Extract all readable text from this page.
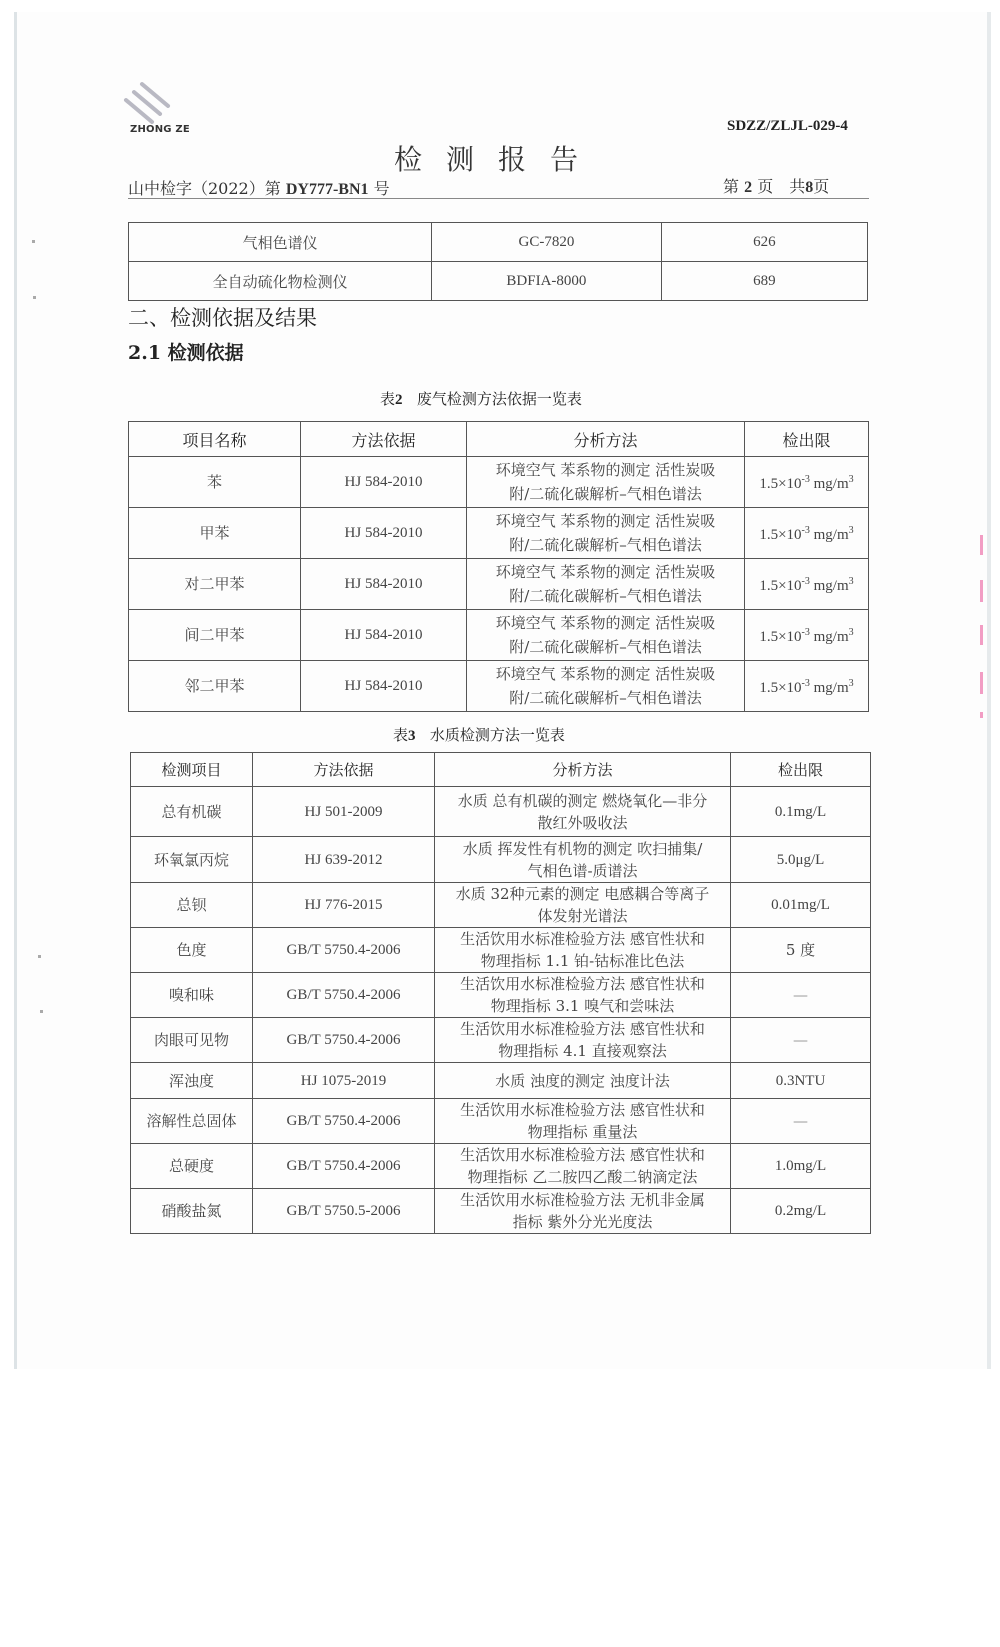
ZHONG ZE	SDZZ/ZLJL-029-4
检测报告
山中检字（2022）第 DY777-BN1 号	第 2 页　共8页
气相色谱仪	GC-7820	626
全自动硫化物检测仪	BDFIA-8000	689
二、检测依据及结果
2.1 检测依据
表2 废气检测方法依据一览表
项目名称	方法依据	分析方法	检出限
苯	HJ 584-2010	环境空气 苯系物的测定 活性炭吸
附/二硫化碳解析–气相色谱法	$1.5\times 10^{-3}$ $mg/m^3$
甲苯	HJ 584-2010	环境空气 苯系物的测定 活性炭吸
附/二硫化碳解析–气相色谱法	$1.5\times 10^{-3}$ $mg/m^3$
对二甲苯	HJ 584-2010	环境空气 苯系物的测定 活性炭吸
附/二硫化碳解析–气相色谱法	$1.5\times 10^{-3}$ $mg/m^3$
间二甲苯	HJ 584-2010	环境空气 苯系物的测定 活性炭吸
附/二硫化碳解析–气相色谱法	$1.5\times 10^{-3}$ $mg/m^3$
邻二甲苯	HJ 584-2010	环境空气 苯系物的测定 活性炭吸
附/二硫化碳解析–气相色谱法	$1.5\times 10^{-3}$ $mg/m^3$
表3 水质检测方法一览表
检测项目	方法依据	分析方法	检出限
总有机碳	HJ 501-2009	水质 总有机碳的测定 燃烧氧化—非分
散红外吸收法	0.1mg/L
环氧氯丙烷	HJ 639-2012	水质 挥发性有机物的测定 吹扫捕集/
气相色谱-质谱法	5.0μg/L
总钡	HJ 776-2015	水质 32种元素的测定 电感耦合等离子
体发射光谱法	0.01mg/L
色度	GB/T 5750.4-2006	生活饮用水标准检验方法 感官性状和
物理指标 1.1 铂-钴标准比色法	5 度
嗅和味	GB/T 5750.4-2006	生活饮用水标准检验方法 感官性状和
物理指标 3.1 嗅气和尝味法	—
肉眼可见物	GB/T 5750.4-2006	生活饮用水标准检验方法 感官性状和
物理指标 4.1 直接观察法	—
浑浊度	HJ 1075-2019	水质 浊度的测定 浊度计法	0.3NTU
溶解性总固体	GB/T 5750.4-2006	生活饮用水标准检验方法 感官性状和
物理指标 重量法	—
总硬度	GB/T 5750.4-2006	生活饮用水标准检验方法 感官性状和
物理指标 乙二胺四乙酸二钠滴定法	1.0mg/L
硝酸盐氮	GB/T 5750.5-2006	生活饮用水标准检验方法 无机非金属
指标 紫外分光光度法	0.2mg/L
